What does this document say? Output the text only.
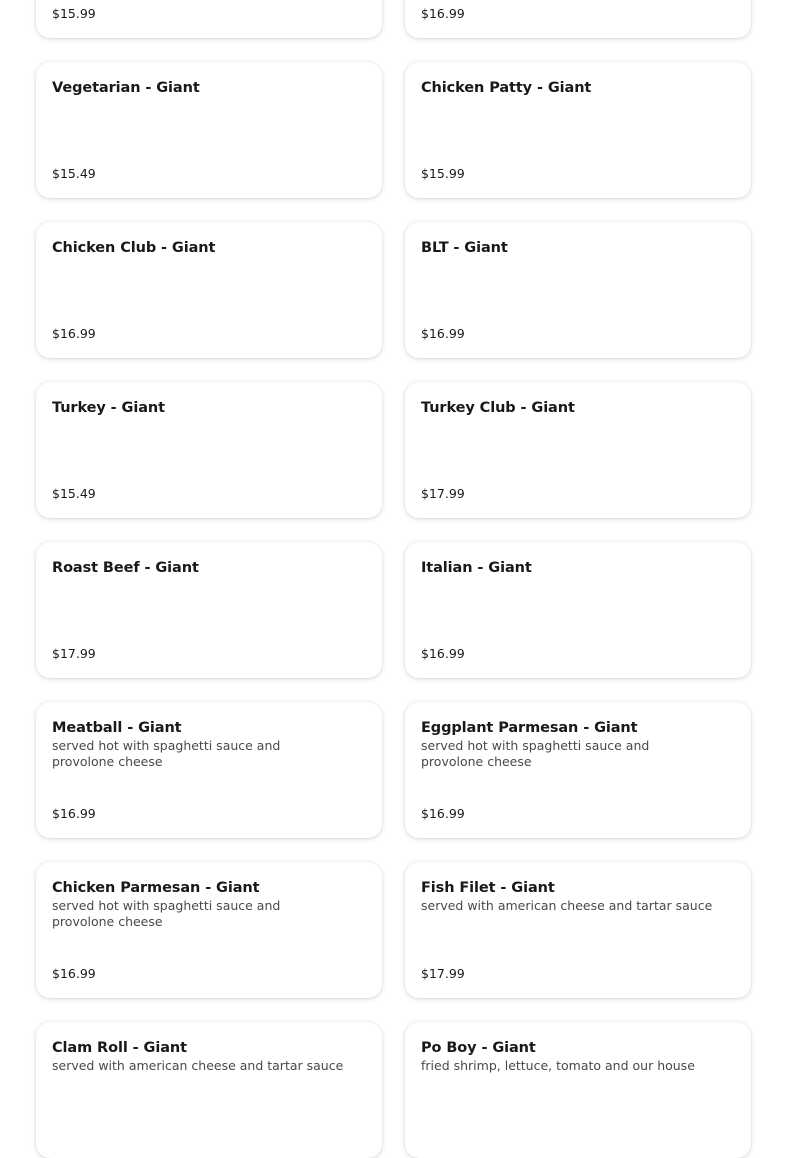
$15.99	$16.99
Vegetarian - Giant
$15.49
Chicken Patty - Giant
$15.99
Chicken Club - Giant
$16.99
BLT - Giant
$16.99
Turkey - Giant
$15.49
Turkey Club - Giant
$17.99
Roast Beef - Giant
$17.99
Italian - Giant
$16.99
Meatball - Giant
served hot with spaghetti sauce and provolone cheese
$16.99
Eggplant Parmesan - Giant
served hot with spaghetti sauce and provolone cheese
$16.99
Chicken Parmesan - Giant
served hot with spaghetti sauce and provolone cheese
$16.99
Fish Filet - Giant
served with american cheese and tartar sauce
$17.99
Clam Roll - Giant
served with american cheese and tartar sauce
Po Boy - Giant
fried shrimp, lettuce, tomato and our house
